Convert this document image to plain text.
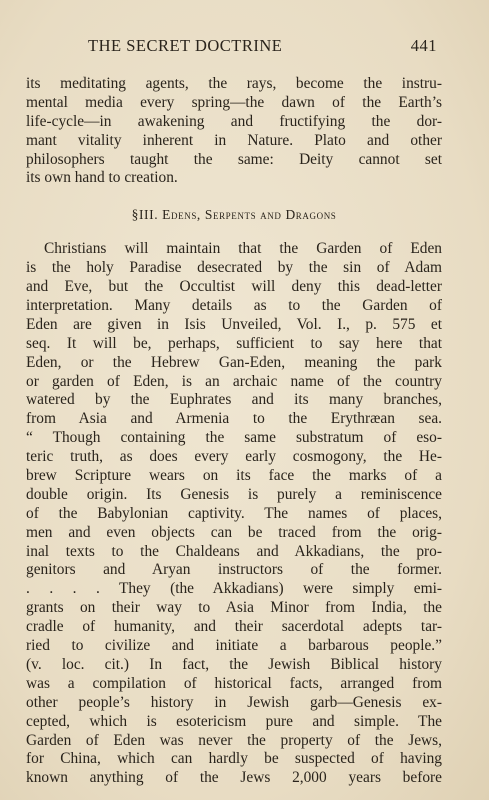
THE SECRET DOCTRINE	441
its meditating agents, the rays, become the instru-
mental media every spring—the dawn of the Earth’s
life-cycle—in awakening and fructifying the dor-
mant vitality inherent in Nature. Plato and other
philosophers taught the same: Deity cannot set
its own hand to creation.
§III. Edens, Serpents and Dragons
Christians will maintain that the Garden of Eden
is the holy Paradise desecrated by the sin of Adam
and Eve, but the Occultist will deny this dead-letter
interpretation. Many details as to the Garden of
Eden are given in Isis Unveiled, Vol. I., p. 575 et
seq. It will be, perhaps, sufficient to say here that
Eden, or the Hebrew Gan-Eden, meaning the park
or garden of Eden, is an archaic name of the country
watered by the Euphrates and its many branches,
from Asia and Armenia to the Erythræan sea.
“ Though containing the same substratum of eso-
teric truth, as does every early cosmogony, the He-
brew Scripture wears on its face the marks of a
double origin. Its Genesis is purely a reminiscence
of the Babylonian captivity. The names of places,
men and even objects can be traced from the orig-
inal texts to the Chaldeans and Akkadians, the pro-
genitors and Aryan instructors of the former.
. . . . They (the Akkadians) were simply emi-
grants on their way to Asia Minor from India, the
cradle of humanity, and their sacerdotal adepts tar-
ried to civilize and initiate a barbarous people.”
(v. loc. cit.) In fact, the Jewish Biblical history
was a compilation of historical facts, arranged from
other people’s history in Jewish garb—Genesis ex-
cepted, which is esotericism pure and simple. The
Garden of Eden was never the property of the Jews,
for China, which can hardly be suspected of having
known anything of the Jews 2,000 years before
